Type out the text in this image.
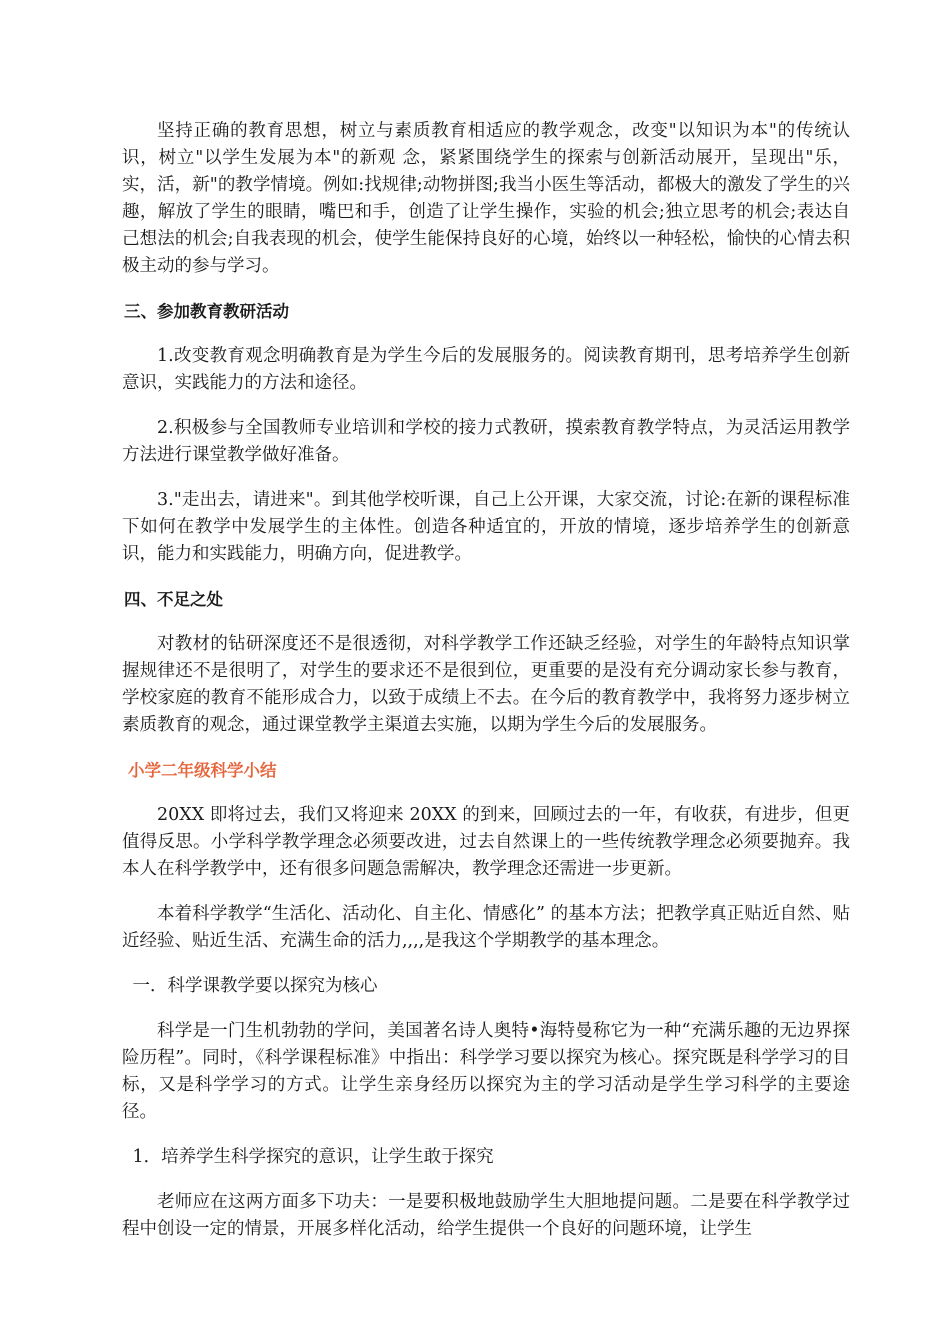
坚持正确的教育思想，树立与素质教育相适应的教学观念，改变"以知识为本"的传统认识，树立"以学生发展为本"的新观 念，紧紧围绕学生的探索与创新活动展开，呈现出"乐，实，活，新"的教学情境。例如:找规律;动物拼图;我当小医生等活动，都极大的激发了学生的兴趣，解放了学生的眼睛，嘴巴和手，创造了让学生操作，实验的机会;独立思考的机会;表达自己想法的机会;自我表现的机会，使学生能保持良好的心境，始终以一种轻松，愉快的心情去积极主动的参与学习。

三、参加教育教研活动

1.改变教育观念明确教育是为学生今后的发展服务的。阅读教育期刊，思考培养学生创新意识，实践能力的方法和途径。

2.积极参与全国教师专业培训和学校的接力式教研，摸索教育教学特点，为灵活运用教学方法进行课堂教学做好准备。

3."走出去，请进来"。到其他学校听课，自己上公开课，大家交流，讨论:在新的课程标准下如何在教学中发展学生的主体性。创造各种适宜的，开放的情境，逐步培养学生的创新意识，能力和实践能力，明确方向，促进教学。

四、不足之处

对教材的钻研深度还不是很透彻，对科学教学工作还缺乏经验，对学生的年龄特点知识掌握规律还不是很明了，对学生的要求还不是很到位，更重要的是没有充分调动家长参与教育，学校家庭的教育不能形成合力，以致于成绩上不去。在今后的教育教学中，我将努力逐步树立素质教育的观念，通过课堂教学主渠道去实施，以期为学生今后的发展服务。

小学二年级科学小结

20XX 即将过去，我们又将迎来 20XX 的到来，回顾过去的一年，有收获，有进步，但更值得反思。小学科学教学理念必须要改进，过去自然课上的一些传统教学理念必须要抛弃。我本人在科学教学中，还有很多问题急需解决，教学理念还需进一步更新。

本着科学教学“生活化、活动化、自主化、情感化” 的基本方法；把教学真正贴近自然、贴近经验、贴近生活、充满生命的活力,,,,是我这个学期教学的基本理念。

一．科学课教学要以探究为核心

科学是一门生机勃勃的学问，美国著名诗人奥特•海特曼称它为一种“充满乐趣的无边界探险历程”。同时，《科学课程标准》中指出：科学学习要以探究为核心。探究既是科学学习的目标，又是科学学习的方式。让学生亲身经历以探究为主的学习活动是学生学习科学的主要途径。

1．培养学生科学探究的意识，让学生敢于探究

老师应在这两方面多下功夫：一是要积极地鼓励学生大胆地提问题。二是要在科学教学过程中创设一定的情景，开展多样化活动，给学生提供一个良好的问题环境，让学生
